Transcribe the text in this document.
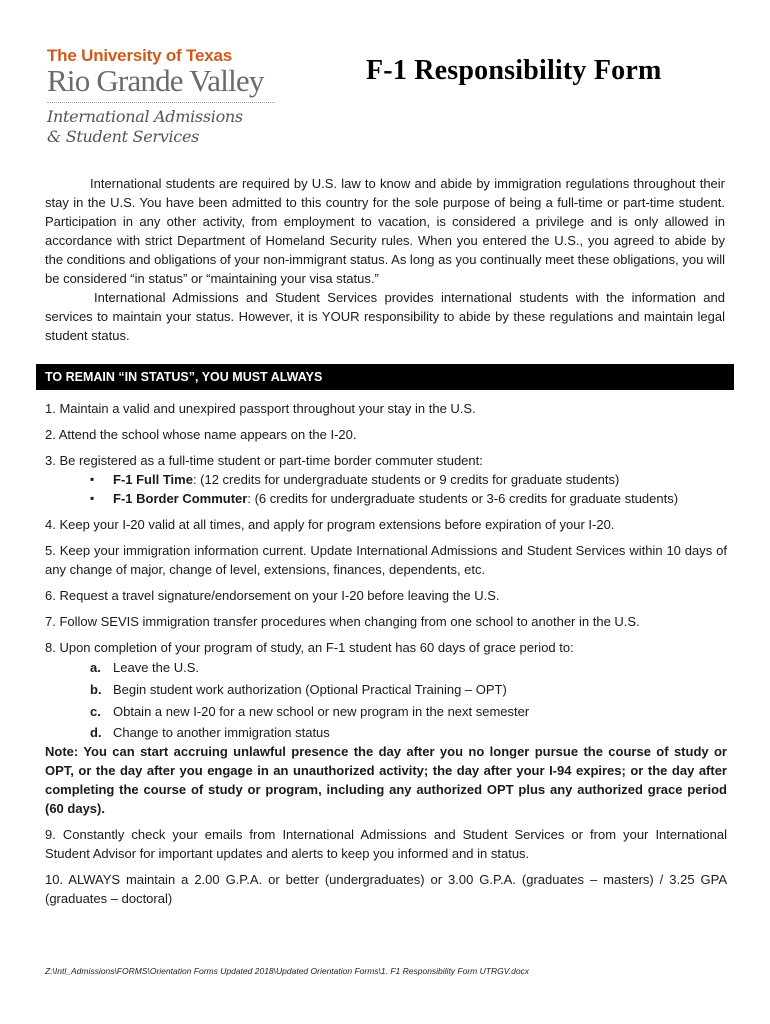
The University of Texas
Rio Grande Valley
International Admissions
& Student Services
F-1 Responsibility Form

International students are required by U.S. law to know and abide by immigration regulations throughout their stay in the U.S. You have been admitted to this country for the sole purpose of being a full-time or part-time student. Participation in any other activity, from employment to vacation, is considered a privilege and is only allowed in accordance with strict Department of Homeland Security rules. When you entered the U.S., you agreed to abide by the conditions and obligations of your non-immigrant status. As long as you continually meet these obligations, you will be considered “in status” or “maintaining your visa status.”

International Admissions and Student Services provides international students with the information and services to maintain your status. However, it is YOUR responsibility to abide by these regulations and maintain legal student status.

TO REMAIN “IN STATUS”, YOU MUST ALWAYS
1. Maintain a valid and unexpired passport throughout your stay in the U.S.
2. Attend the school whose name appears on the I-20.
3. Be registered as a full-time student or part-time border commuter student:
▪ F-1 Full Time: (12 credits for undergraduate students or 9 credits for graduate students)
▪ F-1 Border Commuter: (6 credits for undergraduate students or 3-6 credits for graduate students)
4. Keep your I-20 valid at all times, and apply for program extensions before expiration of your I-20.
5. Keep your immigration information current. Update International Admissions and Student Services within 10 days of any change of major, change of level, extensions, finances, dependents, etc.
6. Request a travel signature/endorsement on your I-20 before leaving the U.S.
7. Follow SEVIS immigration transfer procedures when changing from one school to another in the U.S.
8. Upon completion of your program of study, an F-1 student has 60 days of grace period to:
a. Leave the U.S.
b. Begin student work authorization (Optional Practical Training – OPT)
c. Obtain a new I-20 for a new school or new program in the next semester
d. Change to another immigration status
Note: You can start accruing unlawful presence the day after you no longer pursue the course of study or OPT, or the day after you engage in an unauthorized activity; the day after your I-94 expires; or the day after completing the course of study or program, including any authorized OPT plus any authorized grace period (60 days).
9. Constantly check your emails from International Admissions and Student Services or from your International Student Advisor for important updates and alerts to keep you informed and in status.
10. ALWAYS maintain a 2.00 G.P.A. or better (undergraduates) or 3.00 G.P.A. (graduates – masters) / 3.25 GPA (graduates – doctoral)
Z:\Intl_Admissions\FORMS\Orientation Forms Updated 2018\Updated Orientation Forms\1. F1 Responsibility Form UTRGV.docx
